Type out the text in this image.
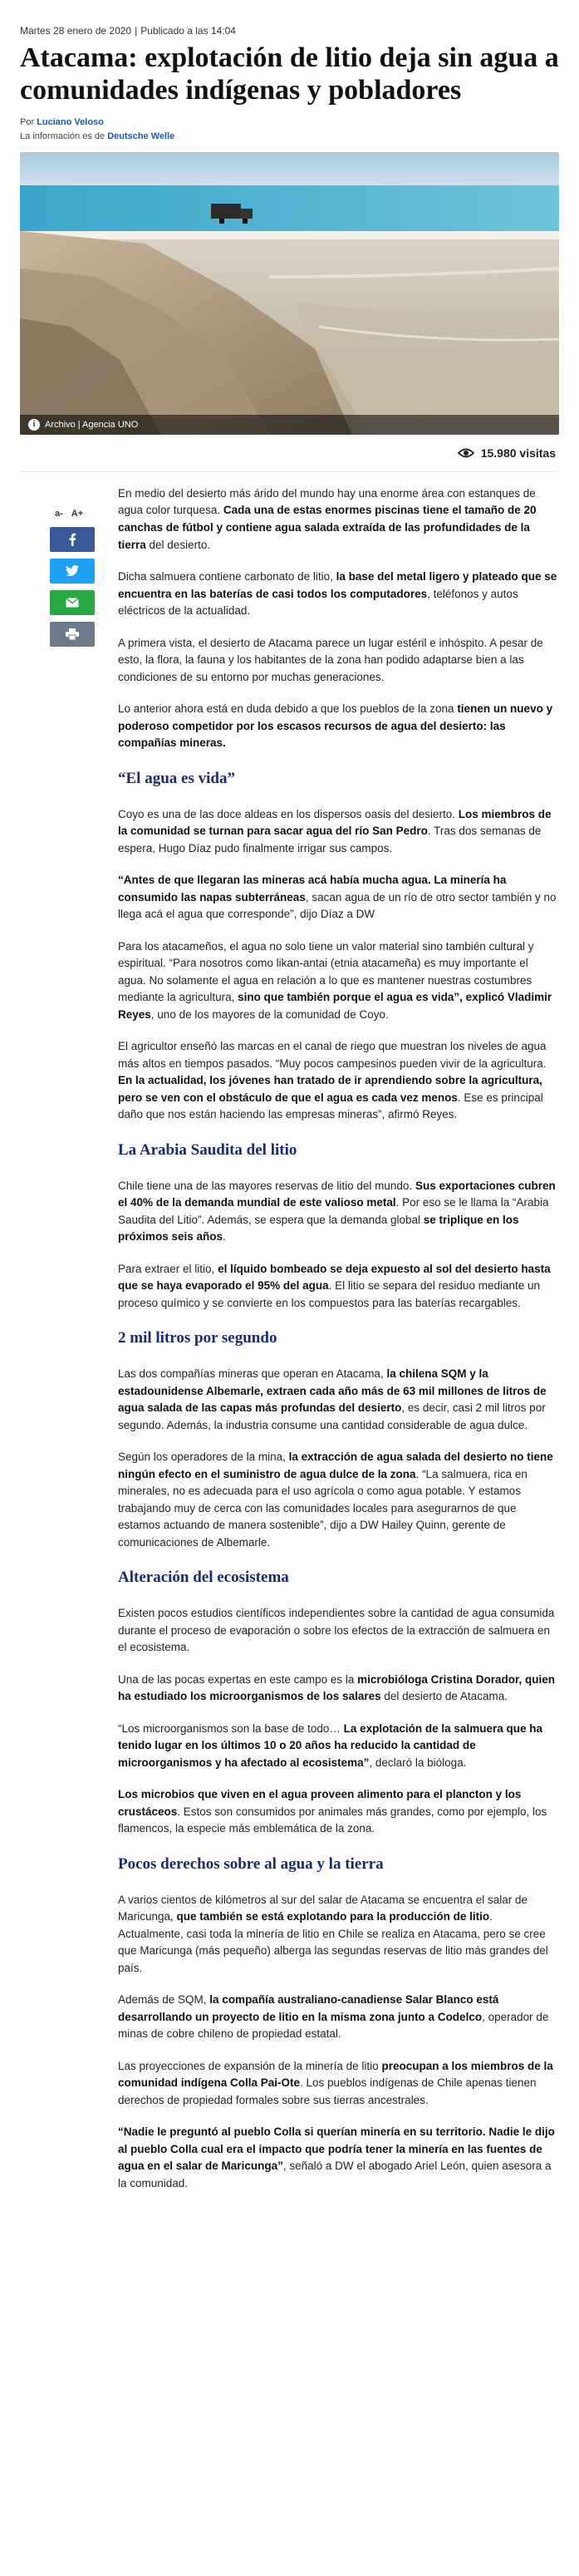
Martes 28 enero de 2020 | Publicado a las 14:04
Atacama: explotación de litio deja sin agua a comunidades indígenas y pobladores
Por Luciano Veloso
La información es de Deutsche Welle
i	Archivo | Agencia UNO
15.980 visitas
a- A+

En medio del desierto más árido del mundo hay una enorme área con estanques de agua color turquesa. Cada una de estas enormes piscinas tiene el tamaño de 20 canchas de fútbol y contiene agua salada extraída de las profundidades de la tierra del desierto.

Dicha salmuera contiene carbonato de litio, la base del metal ligero y plateado que se encuentra en las baterías de casi todos los computadores, teléfonos y autos eléctricos de la actualidad.

A primera vista, el desierto de Atacama parece un lugar estéril e inhóspito. A pesar de esto, la flora, la fauna y los habitantes de la zona han podido adaptarse bien a las condiciones de su entorno por muchas generaciones.

Lo anterior ahora está en duda debido a que los pueblos de la zona tienen un nuevo y poderoso competidor por los escasos recursos de agua del desierto: las compañías mineras.

“El agua es vida”

Coyo es una de las doce aldeas en los dispersos oasis del desierto. Los miembros de la comunidad se turnan para sacar agua del río San Pedro. Tras dos semanas de espera, Hugo Díaz pudo finalmente irrigar sus campos.

“Antes de que llegaran las mineras acá había mucha agua. La minería ha consumido las napas subterráneas, sacan agua de un río de otro sector también y no llega acá el agua que corresponde”, dijo Díaz a DW

Para los atacameños, el agua no solo tiene un valor material sino también cultural y espiritual. “Para nosotros como likan-antai (etnia atacameña) es muy importante el agua. No solamente el agua en relación a lo que es mantener nuestras costumbres mediante la agricultura, sino que también porque el agua es vida”, explicó Vladimir Reyes, uno de los mayores de la comunidad de Coyo.

El agricultor enseñó las marcas en el canal de riego que muestran los niveles de agua más altos en tiempos pasados. “Muy pocos campesinos pueden vivir de la agricultura. En la actualidad, los jóvenes han tratado de ir aprendiendo sobre la agricultura, pero se ven con el obstáculo de que el agua es cada vez menos. Ese es principal daño que nos están haciendo las empresas mineras”, afirmó Reyes.

La Arabia Saudita del litio

Chile tiene una de las mayores reservas de litio del mundo. Sus exportaciones cubren el 40% de la demanda mundial de este valioso metal. Por eso se le llama la “Arabia Saudita del Litio”. Además, se espera que la demanda global se triplique en los próximos seis años.

Para extraer el litio, el líquido bombeado se deja expuesto al sol del desierto hasta que se haya evaporado el 95% del agua. El litio se separa del residuo mediante un proceso químico y se convierte en los compuestos para las baterías recargables.

2 mil litros por segundo

Las dos compañías mineras que operan en Atacama, la chilena SQM y la estadounidense Albemarle, extraen cada año más de 63 mil millones de litros de agua salada de las capas más profundas del desierto, es decir, casi 2 mil litros por segundo. Además, la industria consume una cantidad considerable de agua dulce.

Según los operadores de la mina, la extracción de agua salada del desierto no tiene ningún efecto en el suministro de agua dulce de la zona. “La salmuera, rica en minerales, no es adecuada para el uso agrícola o como agua potable. Y estamos trabajando muy de cerca con las comunidades locales para asegurarnos de que estamos actuando de manera sostenible”, dijo a DW Hailey Quinn, gerente de comunicaciones de Albemarle.

Alteración del ecosistema

Existen pocos estudios científicos independientes sobre la cantidad de agua consumida durante el proceso de evaporación o sobre los efectos de la extracción de salmuera en el ecosistema.

Una de las pocas expertas en este campo es la microbióloga Cristina Dorador, quien ha estudiado los microorganismos de los salares del desierto de Atacama.

“Los microorganismos son la base de todo… La explotación de la salmuera que ha tenido lugar en los últimos 10 o 20 años ha reducido la cantidad de microorganismos y ha afectado al ecosistema”, declaró la bióloga.

Los microbios que viven en el agua proveen alimento para el plancton y los crustáceos. Estos son consumidos por animales más grandes, como por ejemplo, los flamencos, la especie más emblemática de la zona.

Pocos derechos sobre al agua y la tierra

A varios cientos de kilómetros al sur del salar de Atacama se encuentra el salar de Maricunga, que también se está explotando para la producción de litio. Actualmente, casi toda la minería de litio en Chile se realiza en Atacama, pero se cree que Maricunga (más pequeño) alberga las segundas reservas de litio más grandes del país.

Además de SQM, la compañía australiano-canadiense Salar Blanco está desarrollando un proyecto de litio en la misma zona junto a Codelco, operador de minas de cobre chileno de propiedad estatal.

Las proyecciones de expansión de la minería de litio preocupan a los miembros de la comunidad indígena Colla Pai-Ote. Los pueblos indígenas de Chile apenas tienen derechos de propiedad formales sobre sus tierras ancestrales.

“Nadie le preguntó al pueblo Colla si querían minería en su territorio. Nadie le dijo al pueblo Colla cual era el impacto que podría tener la minería en las fuentes de agua en el salar de Maricunga”, señaló a DW el abogado Ariel León, quien asesora a la comunidad.
